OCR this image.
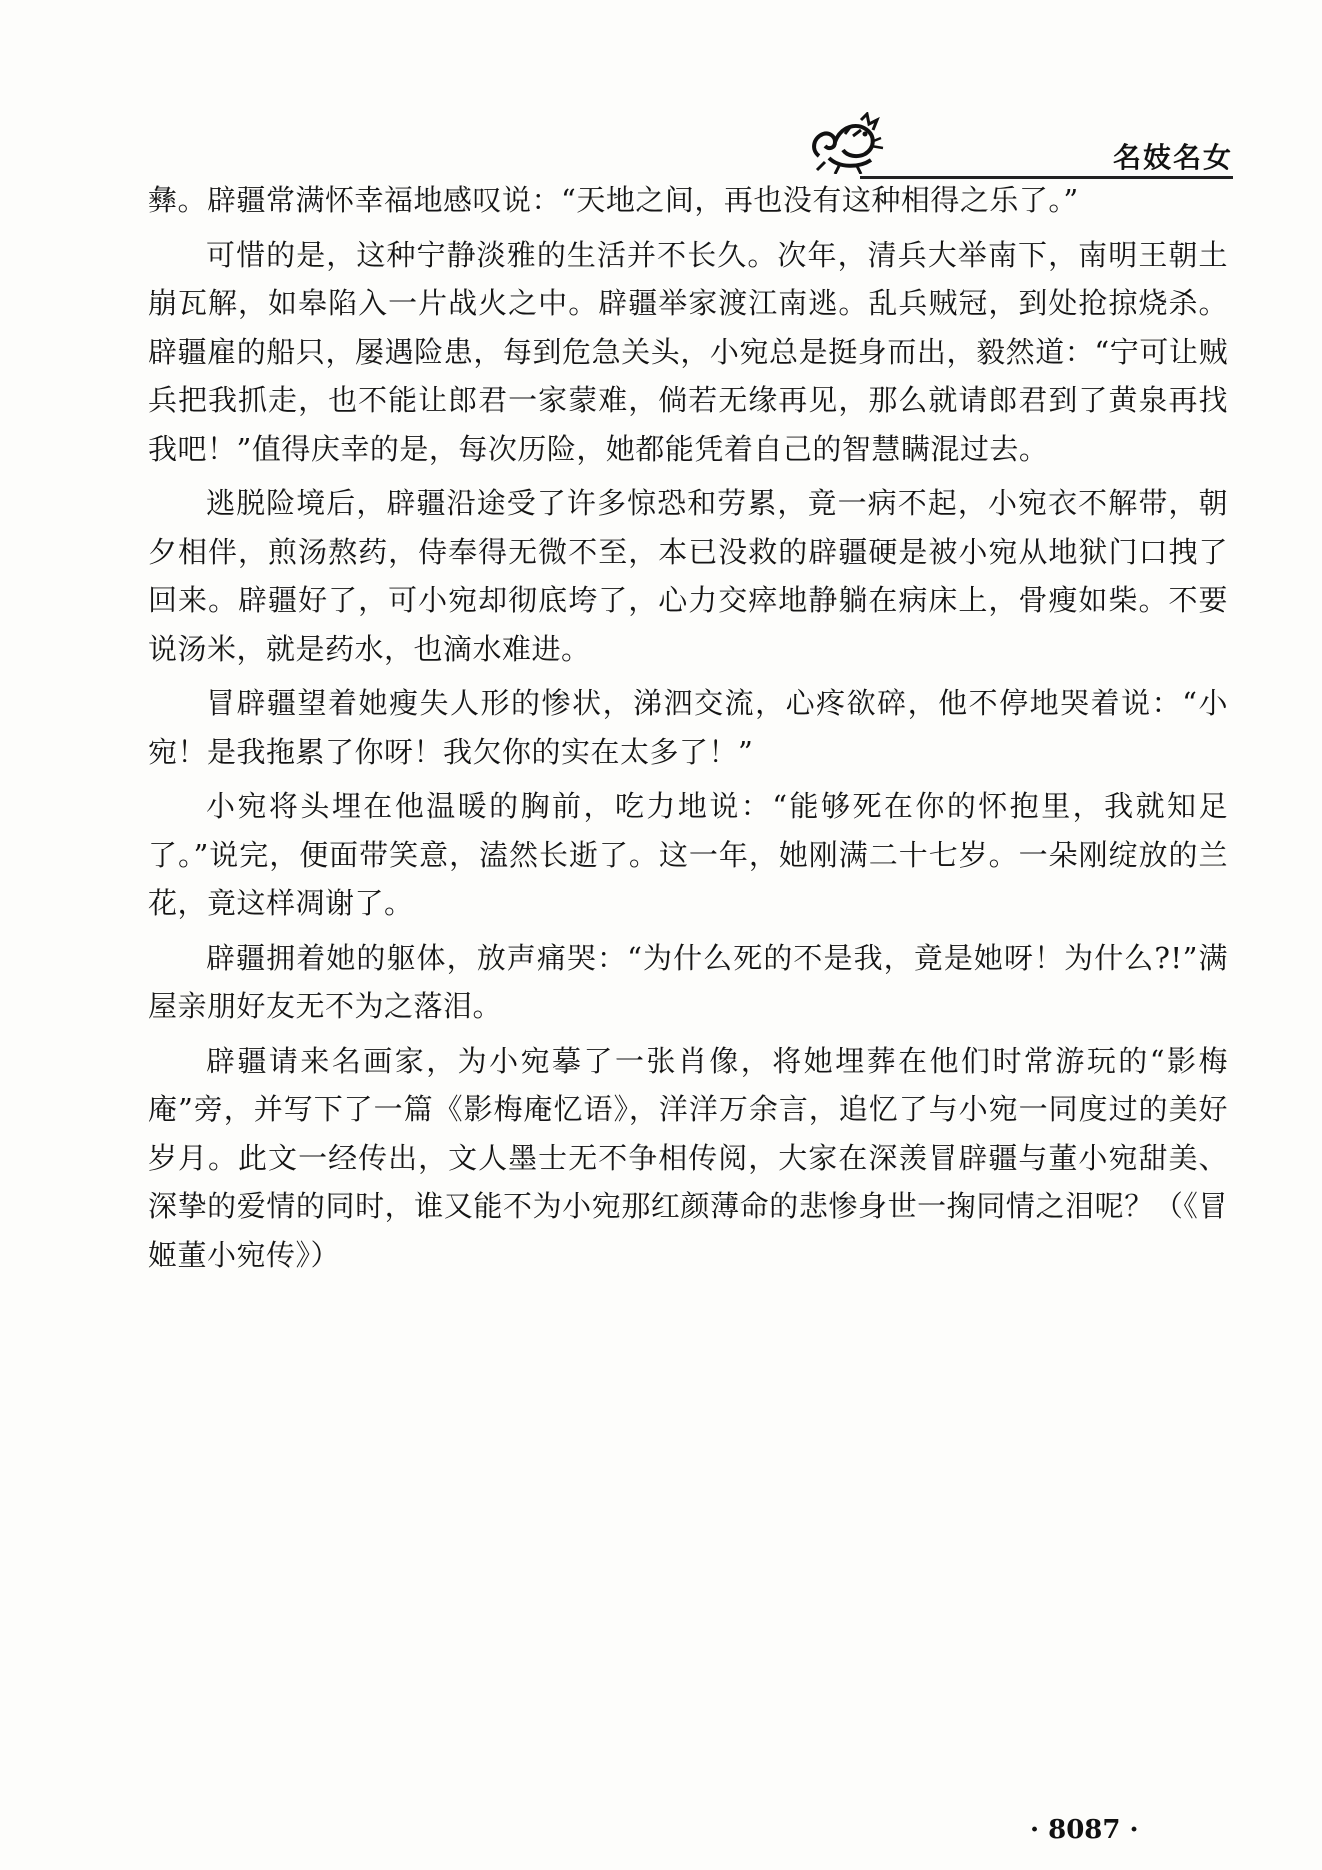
名妓名女

彝。辟疆常满怀幸福地感叹说：“天地之间，再也没有这种相得之乐了。”

可惜的是，这种宁静淡雅的生活并不长久。次年，清兵大举南下，南明王朝土崩瓦解，如皋陷入一片战火之中。辟疆举家渡江南逃。乱兵贼冠，到处抢掠烧杀。辟疆雇的船只，屡遇险患，每到危急关头，小宛总是挺身而出，毅然道：“宁可让贼兵把我抓走，也不能让郎君一家蒙难，倘若无缘再见，那么就请郎君到了黄泉再找我吧！”值得庆幸的是，每次历险，她都能凭着自己的智慧瞒混过去。

逃脱险境后，辟疆沿途受了许多惊恐和劳累，竟一病不起，小宛衣不解带，朝夕相伴，煎汤熬药，侍奉得无微不至，本已没救的辟疆硬是被小宛从地狱门口拽了回来。辟疆好了，可小宛却彻底垮了，心力交瘁地静躺在病床上，骨瘦如柴。不要说汤米，就是药水，也滴水难进。

冒辟疆望着她瘦失人形的惨状，涕泗交流，心疼欲碎，他不停地哭着说：“小宛！是我拖累了你呀！我欠你的实在太多了！”

小宛将头埋在他温暖的胸前，吃力地说：“能够死在你的怀抱里，我就知足了。”说完，便面带笑意，溘然长逝了。这一年，她刚满二十七岁。一朵刚绽放的兰花，竟这样凋谢了。

辟疆拥着她的躯体，放声痛哭：“为什么死的不是我，竟是她呀！为什么?!”满屋亲朋好友无不为之落泪。

辟疆请来名画家，为小宛摹了一张肖像，将她埋葬在他们时常游玩的“影梅庵”旁，并写下了一篇《影梅庵忆语》，洋洋万余言，追忆了与小宛一同度过的美好岁月。此文一经传出，文人墨士无不争相传阅，大家在深羡冒辟疆与董小宛甜美、深挚的爱情的同时，谁又能不为小宛那红颜薄命的悲惨身世一掬同情之泪呢？（《冒姬董小宛传》）

· 8087 ·
